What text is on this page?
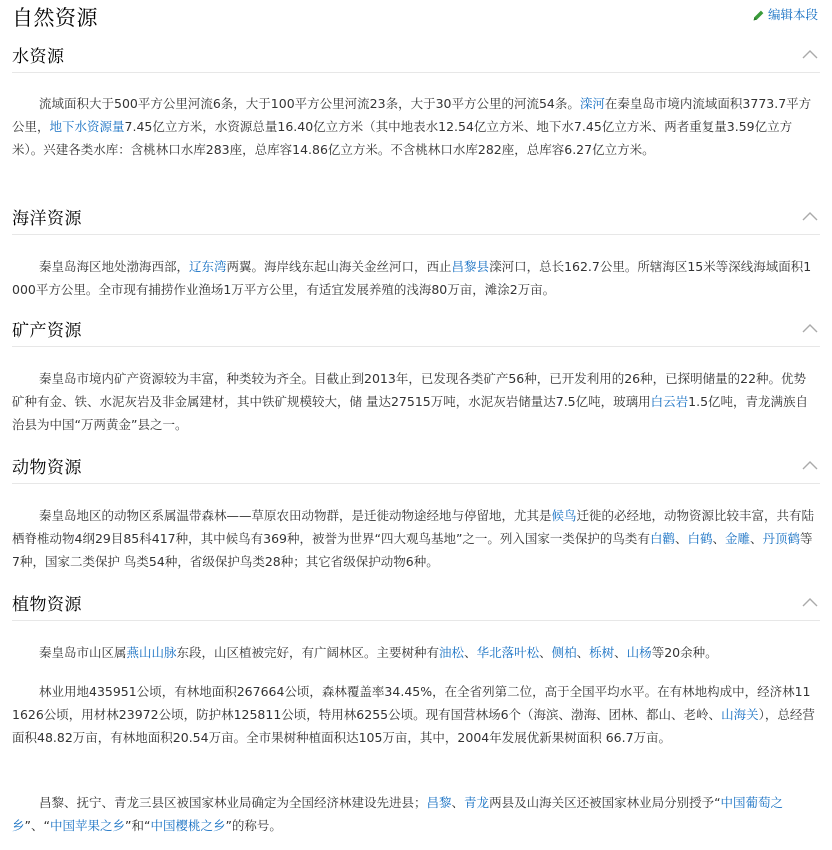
自然资源	编辑本段
水资源

流域面积大于500平方公里河流6条，大于100平方公里河流23条，大于30平方公里的河流54条。滦河在秦皇岛市境内流域面积3773.7平方公里，地下水资源量7.45亿立方米，水资源总量16.40亿立方米（其中地表水12.54亿立方米、地下水7.45亿立方米、两者重复量3.59亿立方米）。兴建各类水库：含桃林口水库283座，总库容14.86亿立方米。不含桃林口水库282座，总库容6.27亿立方米。

海洋资源

秦皇岛海区地处渤海西部，辽东湾两翼。海岸线东起山海关金丝河口，西止昌黎县滦河口，总长162.7公里。所辖海区15米等深线海域面积1000平方公里。全市现有捕捞作业渔场1万平方公里，有适宜发展养殖的浅海80万亩，滩涂2万亩。

矿产资源

秦皇岛市境内矿产资源较为丰富，种类较为齐全。目截止到2013年，已发现各类矿产56种，已开发利用的26种，已探明储量的22种。优势矿种有金、铁、水泥灰岩及非金属建材，其中铁矿规模较大，储 量达27515万吨，水泥灰岩储量达7.5亿吨，玻璃用白云岩1.5亿吨，青龙满族自治县为中国“万两黄金”县之一。

动物资源

秦皇岛地区的动物区系属温带森林——草原农田动物群，是迁徙动物途经地与停留地，尤其是候鸟迁徙的必经地，动物资源比较丰富，共有陆栖脊椎动物4纲29目85科417种，其中候鸟有369种，被誉为世界“四大观鸟基地”之一。列入国家一类保护的鸟类有白鹳、白鹤、金雕、丹顶鹤等7种，国家二类保护 鸟类54种，省级保护鸟类28种；其它省级保护动物6种。

植物资源

秦皇岛市山区属燕山山脉东段，山区植被完好，有广阔林区。主要树种有油松、华北落叶松、侧柏、栎树、山杨等20余种。

林业用地435951公顷，有林地面积267664公顷，森林覆盖率34.45%，在全省列第二位，高于全国平均水平。在有林地构成中，经济林111626公顷，用材林23972公顷，防护林125811公顷，特用林6255公顷。现有国营林场6个（海滨、渤海、团林、都山、老岭、山海关），总经营面积48.82万亩，有林地面积20.54万亩。全市果树种植面积达105万亩，其中，2004年发展优新果树面积 66.7万亩。

昌黎、抚宁、青龙三县区被国家林业局确定为全国经济林建设先进县；昌黎、青龙两县及山海关区还被国家林业局分别授予“中国葡萄之乡”、“中国苹果之乡”和“中国樱桃之乡”的称号。
